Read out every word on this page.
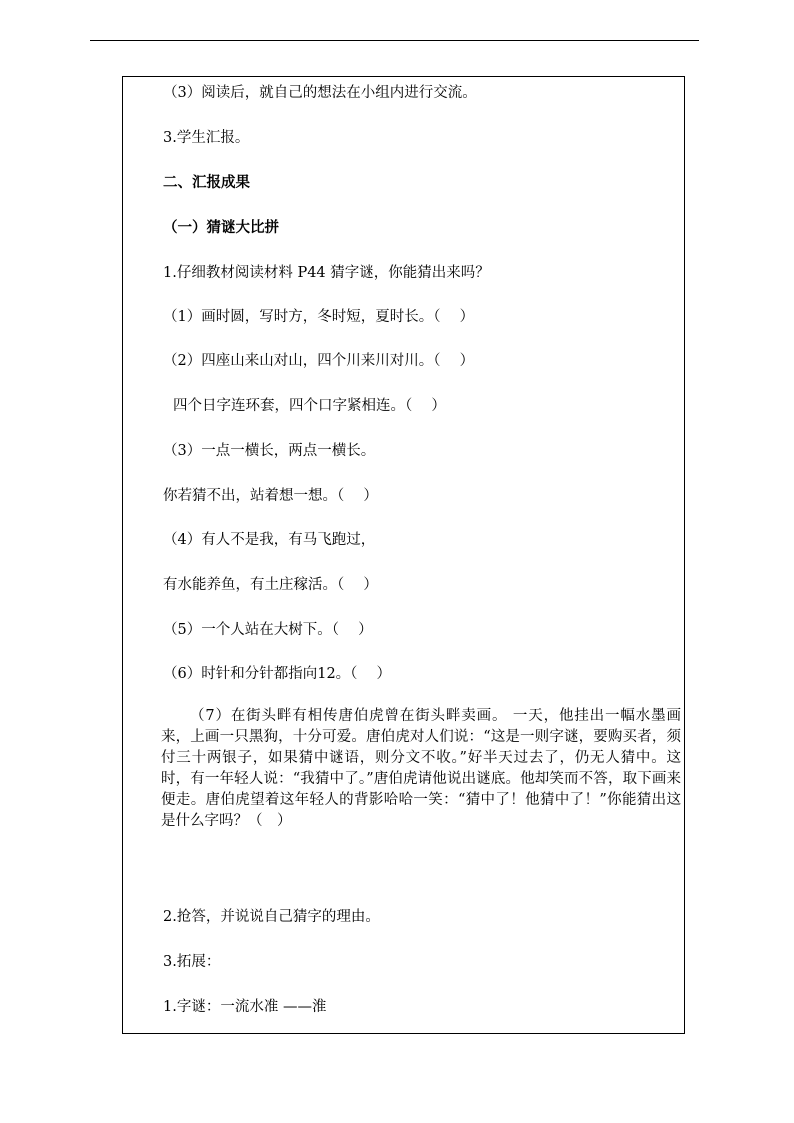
（3）阅读后，就自己的想法在小组内进行交流。
3.学生汇报。
二、汇报成果
（一）猜谜大比拼
1.仔细教材阅读材料 P44 猜字谜，你能猜出来吗？
（1）画时圆，写时方，冬时短，夏时长。（　 ）
（2）四座山来山对山，四个川来川对川。（　 ）
四个日字连环套，四个口字紧相连。（　 ）
（3）一点一横长，两点一横长。
你若猜不出，站着想一想。（　 ）
（4）有人不是我，有马飞跑过，
有水能养鱼，有土庄稼活。（　 ）
（5）一个人站在大树下。（　 ）
（6）时针和分针都指向12。（　 ）
（7）在街头畔有相传唐伯虎曾在街头畔卖画。 一天，他挂出一幅水墨画来，上画一只黑狗，十分可爱。唐伯虎对人们说：“这是一则字谜，要购买者，须付三十两银子，如果猜中谜语，则分文不收。”好半天过去了，仍无人猜中。这时，有一年轻人说：“我猜中了。”唐伯虎请他说出谜底。他却笑而不答，取下画来便走。唐伯虎望着这年轻人的背影哈哈一笑：“猜中了！他猜中了！”你能猜出这是什么字吗？（　）
2.抢答，并说说自己猜字的理由。
3.拓展：
1.字谜：一流水准 ——淮
